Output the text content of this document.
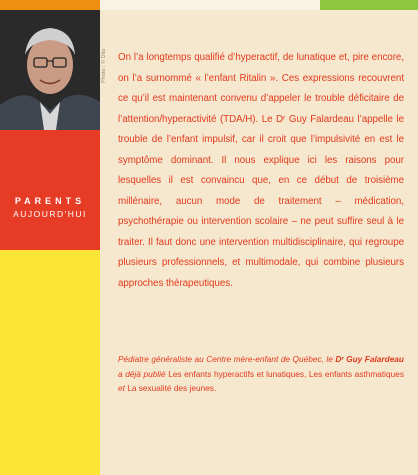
PARENTS
AUJOURD'HUI
Photo : © Dito On l’a longtemps qualifié d’hyperactif, de lunatique et, pire encore, on l’a surnommé « l’enfant Ritalin ». Ces expressions recouvrent ce qu’il est maintenant convenu d’appeler le trouble déficitaire de l’attention/hyperactivité (TDA/H). Le Dʳ Guy Falardeau l’appelle le trouble de l’enfant impulsif, car il croit que l’impulsivité en est le symptôme dominant. Il nous explique ici les raisons pour lesquelles il est convaincu que, en ce début de troisième millénaire, aucun mode de traitement – médication, psychothérapie ou intervention scolaire – ne peut suffire seul à le traiter. Il faut donc une intervention multidisciplinaire, qui regroupe plusieurs professionnels, et multimodale, qui combine plusieurs approches thérapeutiques.

Pédiatre généraliste au Centre mère-enfant de Québec, le Dʳ Guy Falardeau a déjà publié Les enfants hyperactifs et lunatiques, Les enfants asthmatiques et La sexualité des jeunes.
